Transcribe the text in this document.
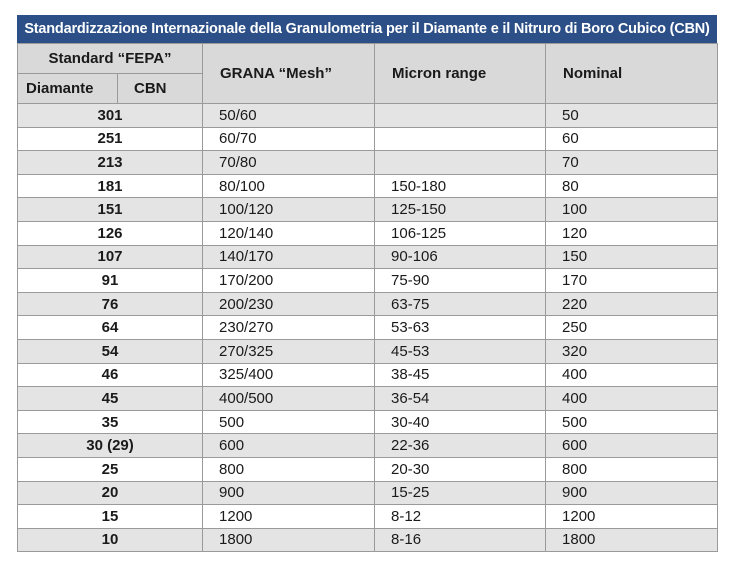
Standardizzazione Internazionale della Granulometria per il Diamante e il Nitruro di Boro Cubico (CBN)
Standard “FEPA”		GRANA “Mesh”	Micron range	Nominal
Diamante	CBN			
301		50/60		50
251		60/70		60
213		70/80		70
181		80/100	150-180	80
151		100/120	125-150	100
126		120/140	106-125	120
107		140/170	90-106	150
91		170/200	75-90	170
76		200/230	63-75	220
64		230/270	53-63	250
54		270/325	45-53	320
46		325/400	38-45	400
45		400/500	36-54	400
35		500	30-40	500
30 (29)		600	22-36	600
25		800	20-30	800
20		900	15-25	900
15		1200	8-12	1200
10		1800	8-16	1800
